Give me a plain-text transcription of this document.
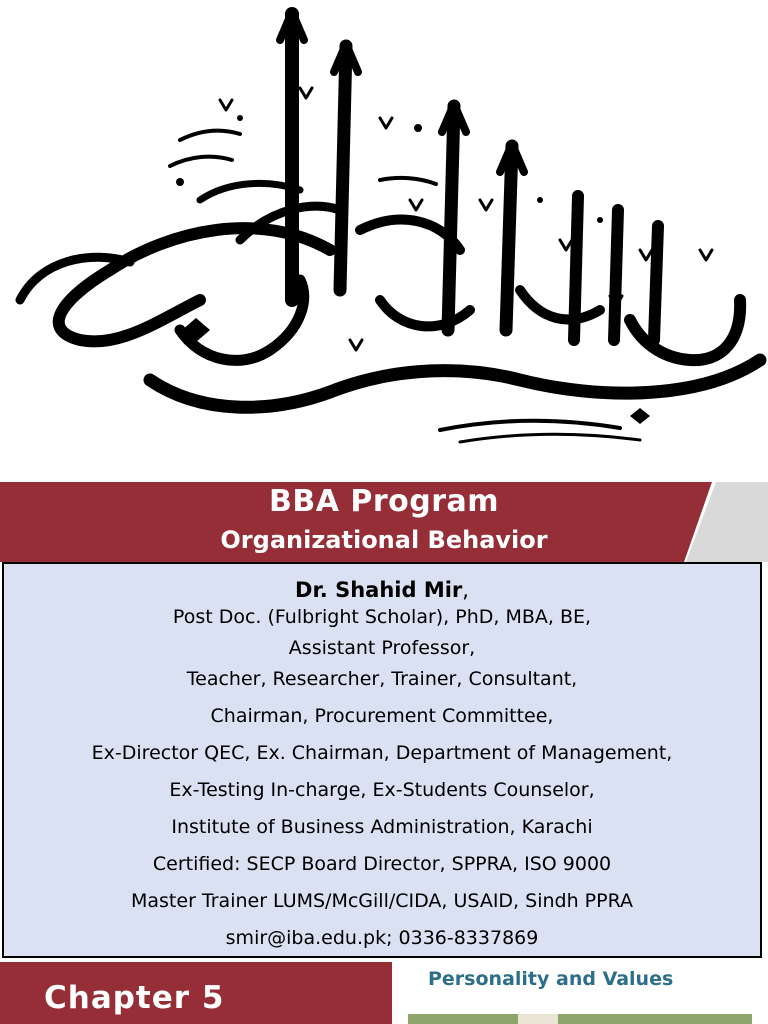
BBA Program
Organizational Behavior
Dr. Shahid Mir,
Post Doc. (Fulbright Scholar), PhD, MBA, BE,
Assistant Professor,
Teacher, Researcher, Trainer, Consultant,
Chairman, Procurement Committee,
Ex-Director QEC, Ex. Chairman, Department of Management,
Ex-Testing In-charge, Ex-Students Counselor,
Institute of Business Administration, Karachi
Certified: SECP Board Director, SPPRA, ISO 9000
Master Trainer LUMS/McGill/CIDA, USAID, Sindh PPRA
smir@iba.edu.pk; 0336-8337869
Chapter 5
Personality and Values
